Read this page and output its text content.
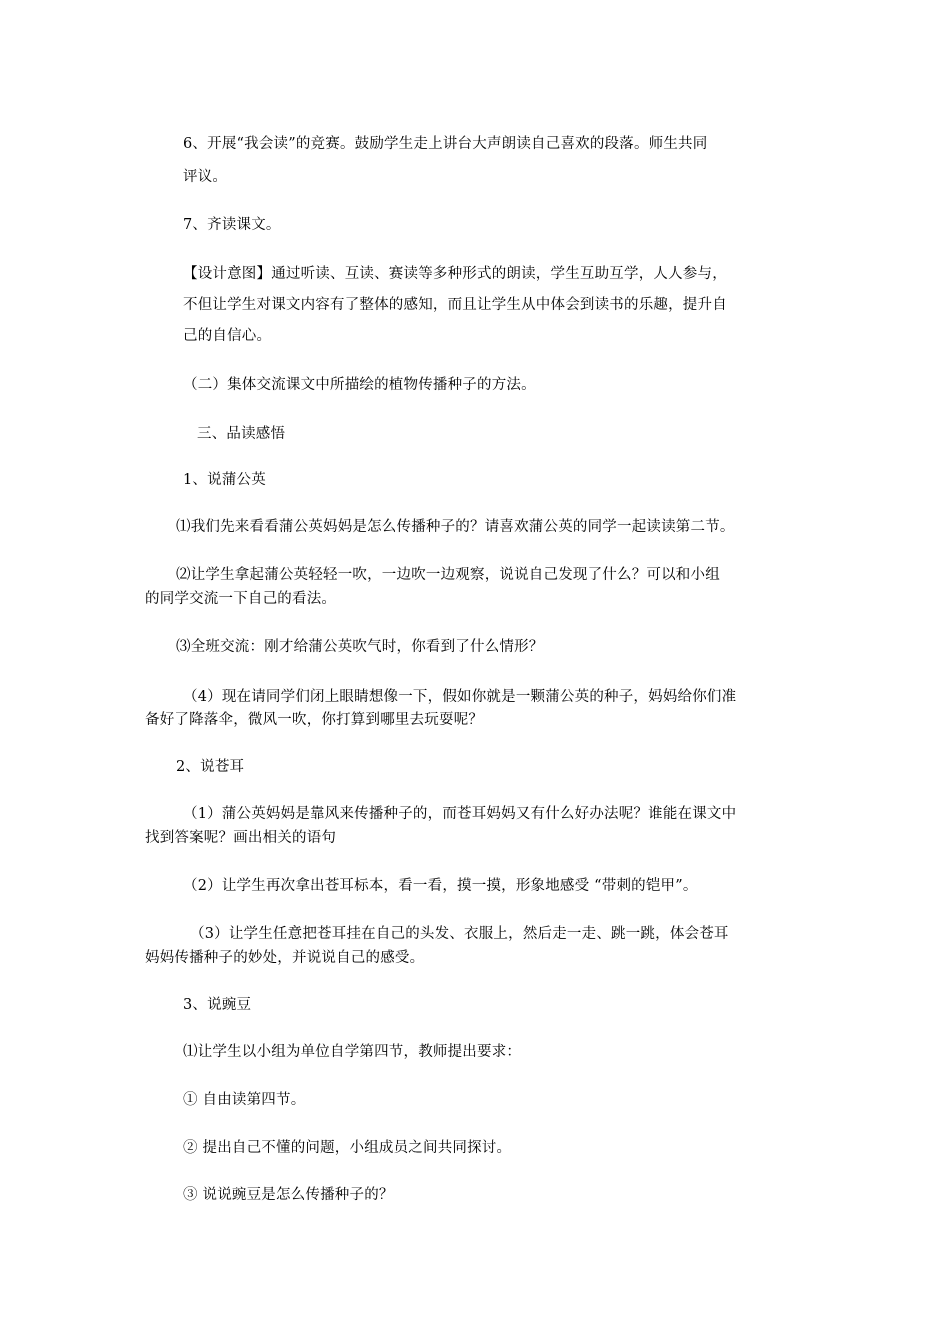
6、开展“我会读”的竞赛。鼓励学生走上讲台大声朗读自己喜欢的段落。师生共同
评议。
7、齐读课文。
【设计意图】通过听读、互读、赛读等多种形式的朗读，学生互助互学，人人参与，
不但让学生对课文内容有了整体的感知，而且让学生从中体会到读书的乐趣，提升自
己的自信心。
（二）集体交流课文中所描绘的植物传播种子的方法。
三、品读感悟
1、说蒲公英
⑴我们先来看看蒲公英妈妈是怎么传播种子的？请喜欢蒲公英的同学一起读读第二节。
⑵让学生拿起蒲公英轻轻一吹，一边吹一边观察，说说自己发现了什么？可以和小组
的同学交流一下自己的看法。
⑶全班交流：刚才给蒲公英吹气时，你看到了什么情形？
（4）现在请同学们闭上眼睛想像一下，假如你就是一颗蒲公英的种子，妈妈给你们准
备好了降落伞，微风一吹，你打算到哪里去玩耍呢？
2、说苍耳
（1）蒲公英妈妈是靠风来传播种子的，而苍耳妈妈又有什么好办法呢？谁能在课文中
找到答案呢？画出相关的语句
（2）让学生再次拿出苍耳标本，看一看，摸一摸，形象地感受 “带刺的铠甲”。
（3）让学生任意把苍耳挂在自己的头发、衣服上，然后走一走、跳一跳，体会苍耳
妈妈传播种子的妙处，并说说自己的感受。
3、说豌豆
⑴让学生以小组为单位自学第四节，教师提出要求：
① 自由读第四节。
② 提出自己不懂的问题，小组成员之间共同探讨。
③ 说说豌豆是怎么传播种子的？
